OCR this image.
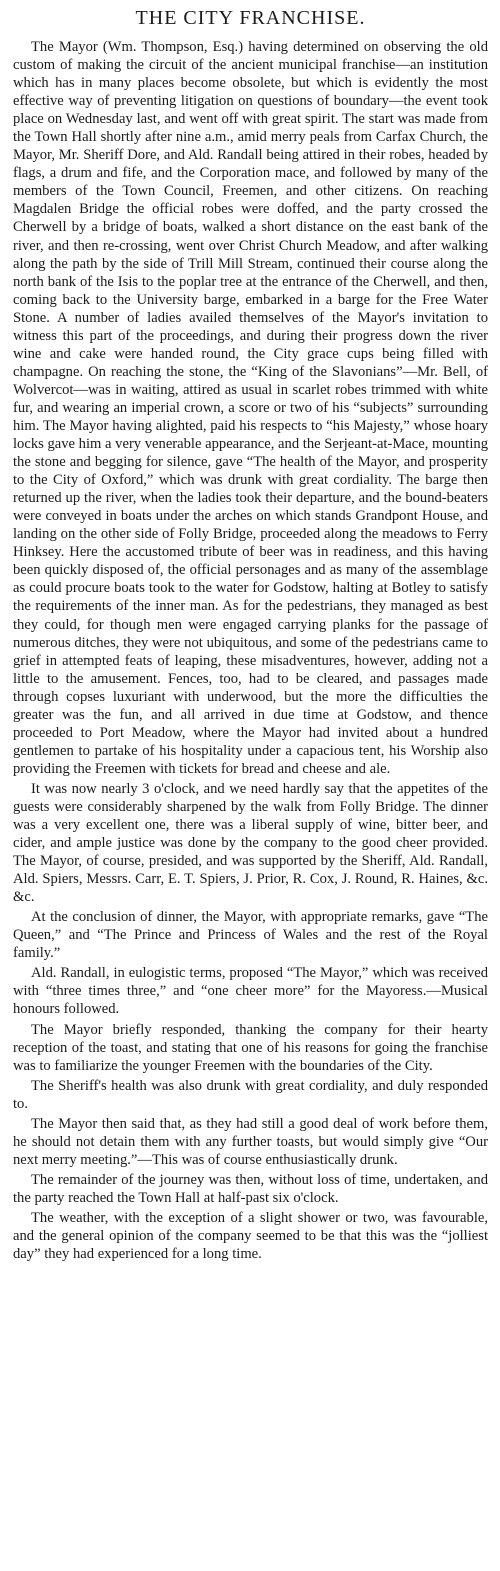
THE CITY FRANCHISE.

The Mayor (Wm. Thompson, Esq.) having determined on observing the old custom of making the circuit of the ancient municipal franchise—an institution which has in many places become obsolete, but which is evidently the most effective way of preventing litigation on questions of boundary—the event took place on Wednesday last, and went off with great spirit. The start was made from the Town Hall shortly after nine a.m., amid merry peals from Carfax Church, the Mayor, Mr. Sheriff Dore, and Ald. Randall being attired in their robes, headed by flags, a drum and fife, and the Corporation mace, and followed by many of the members of the Town Council, Freemen, and other citizens. On reaching Magdalen Bridge the official robes were doffed, and the party crossed the Cherwell by a bridge of boats, walked a short distance on the east bank of the river, and then re-crossing, went over Christ Church Meadow, and after walking along the path by the side of Trill Mill Stream, continued their course along the north bank of the Isis to the poplar tree at the entrance of the Cherwell, and then, coming back to the University barge, embarked in a barge for the Free Water Stone. A number of ladies availed themselves of the Mayor's invitation to witness this part of the proceedings, and during their progress down the river wine and cake were handed round, the City grace cups being filled with champagne. On reaching the stone, the “King of the Slavonians”—Mr. Bell, of Wolvercot—was in waiting, attired as usual in scarlet robes trimmed with white fur, and wearing an imperial crown, a score or two of his “subjects” surrounding him. The Mayor having alighted, paid his respects to “his Majesty,” whose hoary locks gave him a very venerable appearance, and the Serjeant-at-Mace, mounting the stone and begging for silence, gave “The health of the Mayor, and prosperity to the City of Oxford,” which was drunk with great cordiality. The barge then returned up the river, when the ladies took their departure, and the bound-beaters were conveyed in boats under the arches on which stands Grandpont House, and landing on the other side of Folly Bridge, proceeded along the meadows to Ferry Hinksey. Here the accustomed tribute of beer was in readiness, and this having been quickly disposed of, the official personages and as many of the assemblage as could procure boats took to the water for Godstow, halting at Botley to satisfy the requirements of the inner man. As for the pedestrians, they managed as best they could, for though men were engaged carrying planks for the passage of numerous ditches, they were not ubiquitous, and some of the pedestrians came to grief in attempted feats of leaping, these misadventures, however, adding not a little to the amusement. Fences, too, had to be cleared, and passages made through copses luxuriant with underwood, but the more the difficulties the greater was the fun, and all arrived in due time at Godstow, and thence proceeded to Port Meadow, where the Mayor had invited about a hundred gentlemen to partake of his hospitality under a capacious tent, his Worship also providing the Freemen with tickets for bread and cheese and ale.

It was now nearly 3 o'clock, and we need hardly say that the appetites of the guests were considerably sharpened by the walk from Folly Bridge. The dinner was a very excellent one, there was a liberal supply of wine, bitter beer, and cider, and ample justice was done by the company to the good cheer provided. The Mayor, of course, presided, and was supported by the Sheriff, Ald. Randall, Ald. Spiers, Messrs. Carr, E. T. Spiers, J. Prior, R. Cox, J. Round, R. Haines, &c. &c.

At the conclusion of dinner, the Mayor, with appropriate remarks, gave “The Queen,” and “The Prince and Princess of Wales and the rest of the Royal family.”

Ald. Randall, in eulogistic terms, proposed “The Mayor,” which was received with “three times three,” and “one cheer more” for the Mayoress.—Musical honours followed.

The Mayor briefly responded, thanking the company for their hearty reception of the toast, and stating that one of his reasons for going the franchise was to familiarize the younger Freemen with the boundaries of the City.

The Sheriff's health was also drunk with great cordiality, and duly responded to.

The Mayor then said that, as they had still a good deal of work before them, he should not detain them with any further toasts, but would simply give “Our next merry meeting.”—This was of course enthusiastically drunk.

The remainder of the journey was then, without loss of time, undertaken, and the party reached the Town Hall at half-past six o'clock.

The weather, with the exception of a slight shower or two, was favourable, and the general opinion of the company seemed to be that this was the “jolliest day” they had experienced for a long time.
